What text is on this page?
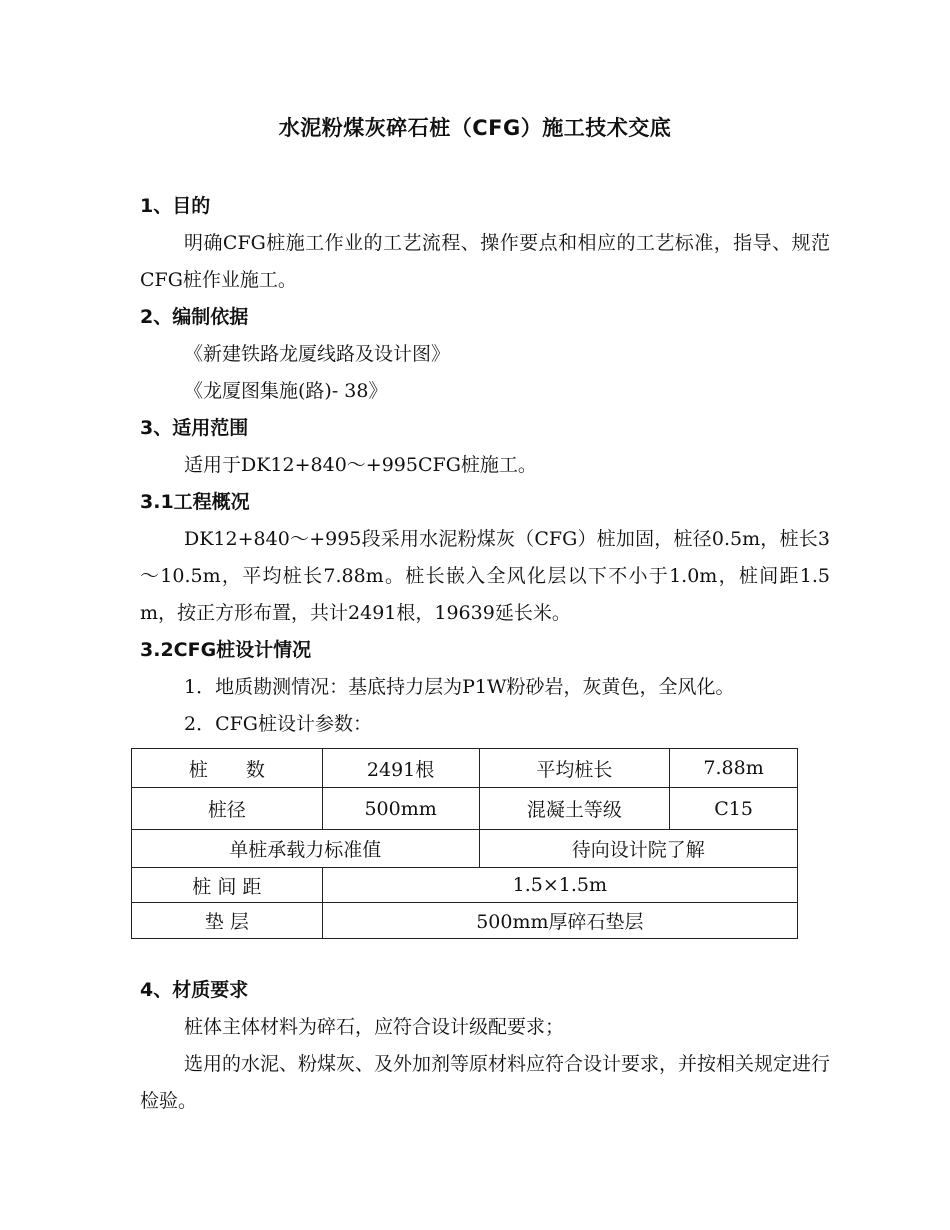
水泥粉煤灰碎石桩（CFG）施工技术交底
1、目的
明确CFG桩施工作业的工艺流程、操作要点和相应的工艺标准，指导、规范CFG桩作业施工。
2、编制依据
《新建铁路龙厦线路及设计图》
《龙厦图集施(路)- 38》
3、适用范围
适用于DK12+840～+995CFG桩施工。
3.1工程概况
DK12+840～+995段采用水泥粉煤灰（CFG）桩加固，桩径0.5m，桩长3～10.5m，平均桩长7.88m。桩长嵌入全风化层以下不小于1.0m，桩间距1.5m，按正方形布置，共计2491根，19639延长米。
3.2CFG桩设计情况
1．地质勘测情况：基底持力层为P1W粉砂岩，灰黄色，全风化。
2．CFG桩设计参数：
桩　　数	2491根	平均桩长	7.88m
桩径	500mm	混凝土等级	C15
单桩承载力标准值		待向设计院了解	
桩 间 距	1.5×1.5m		
垫 层	500mm厚碎石垫层		
4、材质要求
桩体主体材料为碎石，应符合设计级配要求；
选用的水泥、粉煤灰、及外加剂等原材料应符合设计要求，并按相关规定进行检验。
